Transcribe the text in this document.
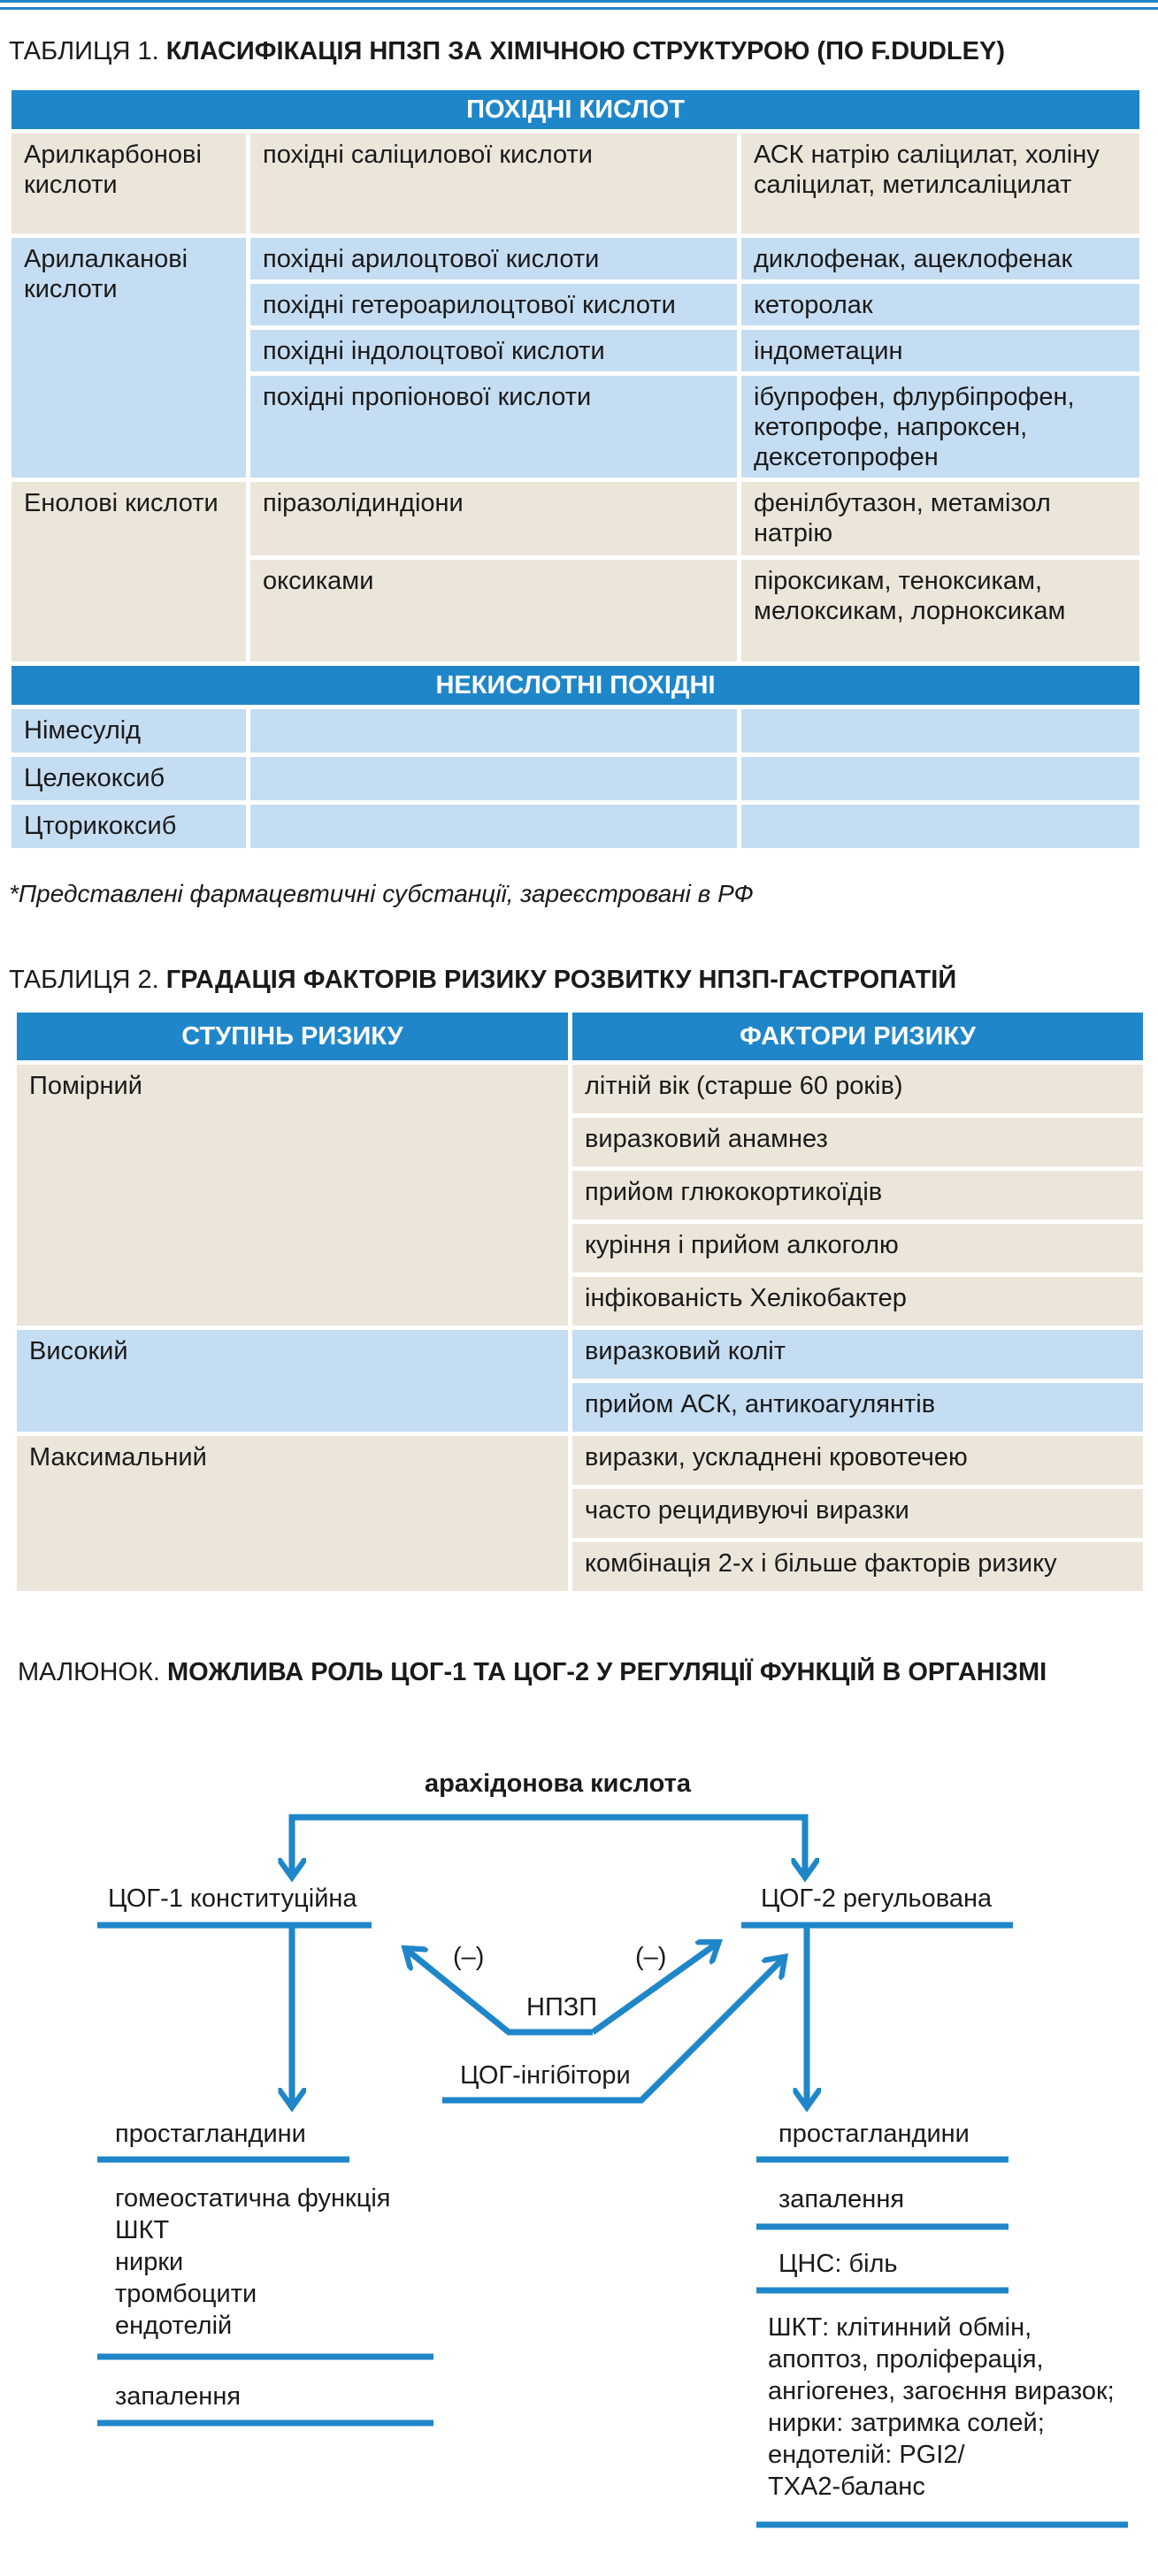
ТАБЛИЦЯ 1. КЛАСИФІКАЦІЯ НПЗП ЗА ХІМІЧНОЮ СТРУКТУРОЮ (ПО F.DUDLEY)
ПОХІДНІ КИСЛОТ		
Арилкарбонові кислоти	похідні саліцилової кислоти	АСК натрію саліцилат, холіну саліцилат, метилсаліцилат
Арилалканові кислоти	похідні арилоцтової кислоти	диклофенак, ацеклофенак
	похідні гетероарилоцтової кислоти	кеторолак
	похідні індолоцтової кислоти	індометацин
	похідні пропіонової кислоти	ібупрофен, флурбіпрофен, кетопрофе, напроксен, дексетопрофен
Енолові кислоти	піразолідиндіони	фенілбутазон, метамізол натрію
	оксиками	піроксикам, теноксикам, мелоксикам, лорноксикам
НЕКИСЛОТНІ ПОХІДНІ		
Німесулід		
Целекоксиб		
Цторикоксиб		
*Представлені фармацевтичні субстанції, зареєстровані в РФ
ТАБЛИЦЯ 2. ГРАДАЦІЯ ФАКТОРІВ РИЗИКУ РОЗВИТКУ НПЗП-ГАСТРОПАТІЙ
СТУПІНЬ РИЗИКУ	ФАКТОРИ РИЗИКУ
Помірний	літній вік (старше 60 років)
	виразковий анамнез
	прийом глюкокортикоїдів
	куріння і прийом алкоголю
	інфікованість Хелікобактер
Високий	виразковий коліт
	прийом АСК, антикоагулянтів
Максимальний	виразки, ускладнені кровотечею
	часто рецидивуючі виразки
	комбінація 2-х і більше факторів ризику
МАЛЮНОК. МОЖЛИВА РОЛЬ ЦОГ-1 ТА ЦОГ-2 У РЕГУЛЯЦІЇ ФУНКЦІЙ В ОРГАНІЗМІ
арахідонова кислота
ЦОГ-1 конституційна	ЦОГ-2 регульована
(–)	(–)
НПЗП
ЦОГ-інгібітори
простагландини
гомеостатична функція
ШКТ
нирки
тромбоцити
ендотелій
запалення
простагландини
запалення
ЦНС: біль
ШКТ: клітинний обмін,
апоптоз, проліферація,
ангіогенез, загоєння виразок;
нирки: затримка солей;
ендотелій: PGI2/
ТХА2-баланс
